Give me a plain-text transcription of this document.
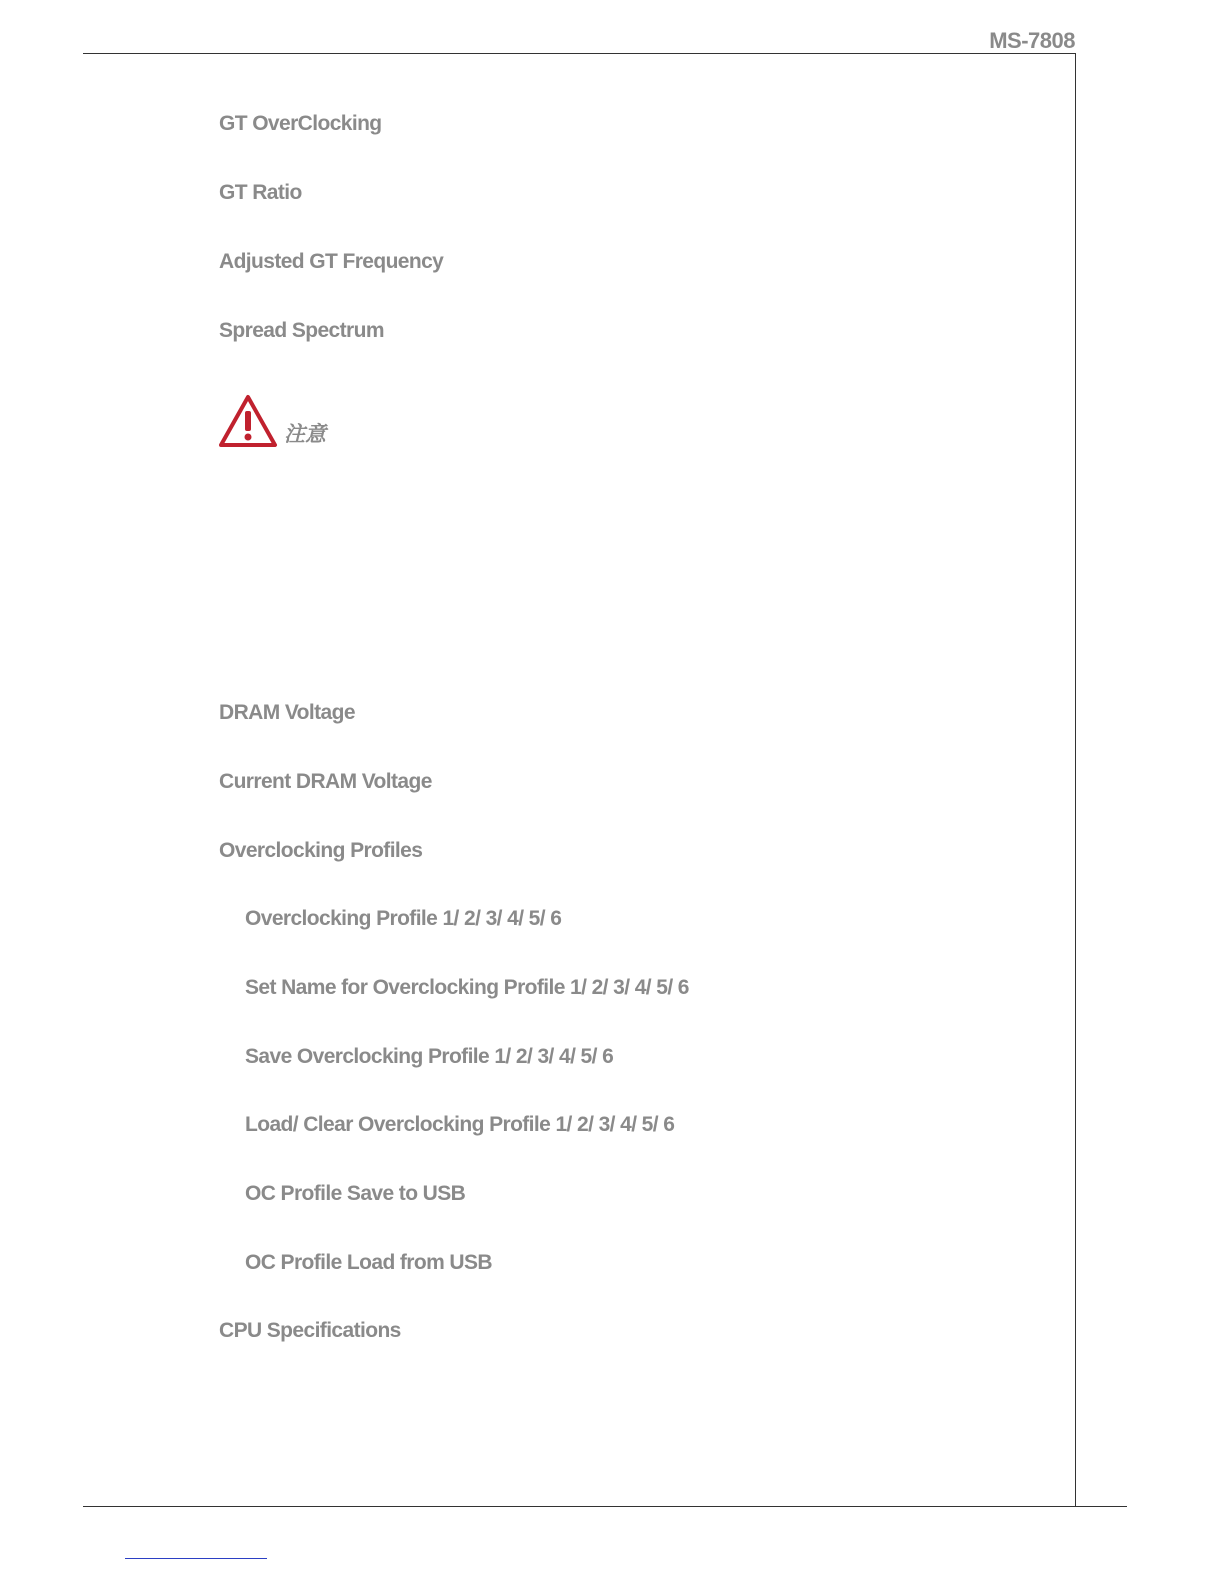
MS-7808
GT OverClocking
GT Ratio
Adjusted GT Frequency
Spread Spectrum
注意
DRAM Voltage
Current DRAM Voltage
Overclocking Profiles
Overclocking Profile 1/ 2/ 3/ 4/ 5/ 6
Set Name for Overclocking Profile 1/ 2/ 3/ 4/ 5/ 6
Save Overclocking Profile 1/ 2/ 3/ 4/ 5/ 6
Load/ Clear Overclocking Profile 1/ 2/ 3/ 4/ 5/ 6
OC Profile Save to USB
OC Profile Load from USB
CPU Specifications
